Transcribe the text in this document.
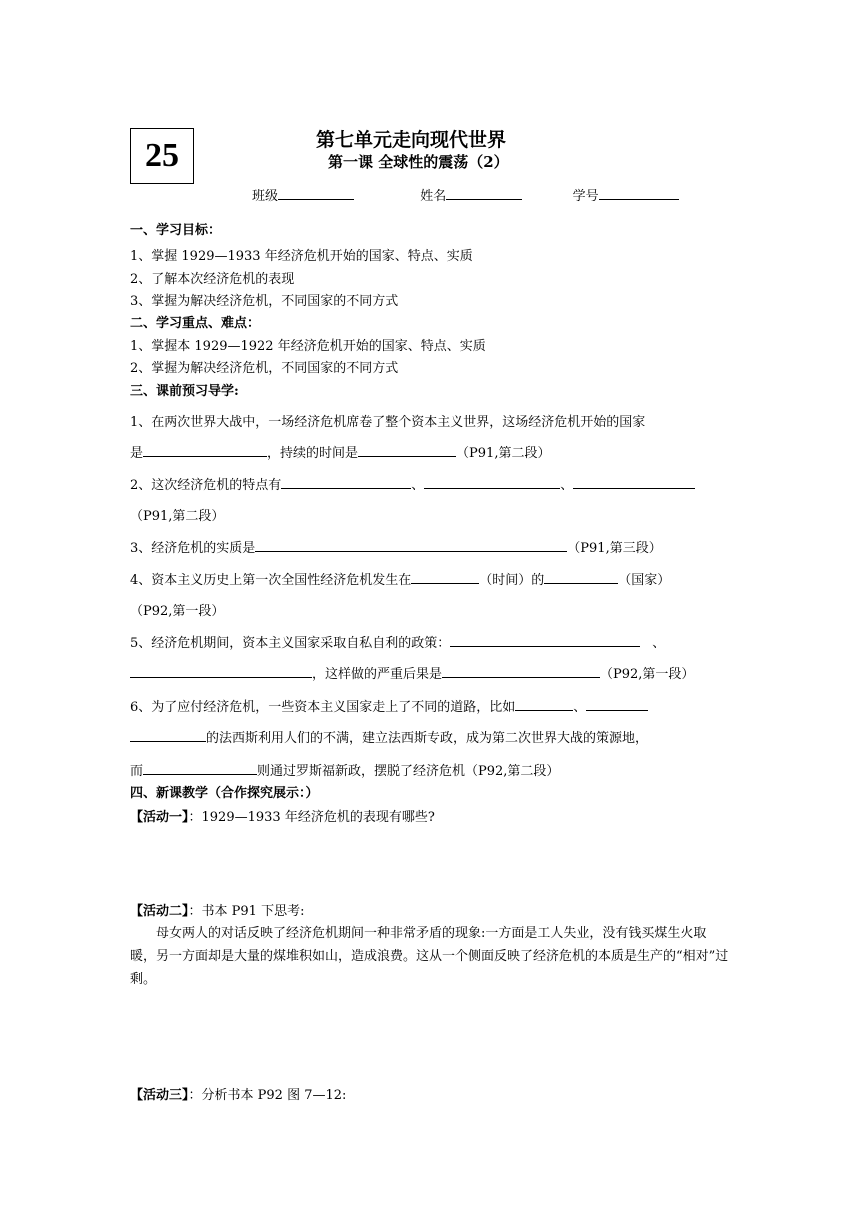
25	第七单元走向现代世界
第一课 全球性的震荡（2）
班级	姓名	学号
一、学习目标：
1、掌握 1929—1933 年经济危机开始的国家、特点、实质
2、了解本次经济危机的表现
3、掌握为解决经济危机，不同国家的不同方式
二、学习重点、难点：
1、掌握本 1929—1922 年经济危机开始的国家、特点、实质
2、掌握为解决经济危机，不同国家的不同方式
三、课前预习导学:
1、在两次世界大战中，一场经济危机席卷了整个资本主义世界，这场经济危机开始的国家
是	，持续的时间是	（P91,第二段）
2、这次经济危机的特点有	、	、
（P91,第二段）
3、经济危机的实质是	（P91,第三段）
4、资本主义历史上第一次全国性经济危机发生在	（时间）的	（国家）
（P92,第一段）
5、经济危机期间，资本主义国家采取自私自利的政策：	、
，这样做的严重后果是	（P92,第一段）
6、为了应付经济危机，一些资本主义国家走上了不同的道路，比如	、
的法西斯利用人们的不满，建立法西斯专政，成为第二次世界大战的策源地，
而	则通过罗斯福新政，摆脱了经济危机（P92,第二段）
四、新课教学（合作探究展示：）
【活动一】：1929—1933 年经济危机的表现有哪些?
【活动二】：书本 P91 下思考:
母女两人的对话反映了经济危机期间一种非常矛盾的现象:一方面是工人失业，没有钱买煤生火取暖，另一方面却是大量的煤堆积如山，造成浪费。这从一个侧面反映了经济危机的本质是生产的“相对”过剩。
【活动三】：分析书本 P92 图 7—12:
